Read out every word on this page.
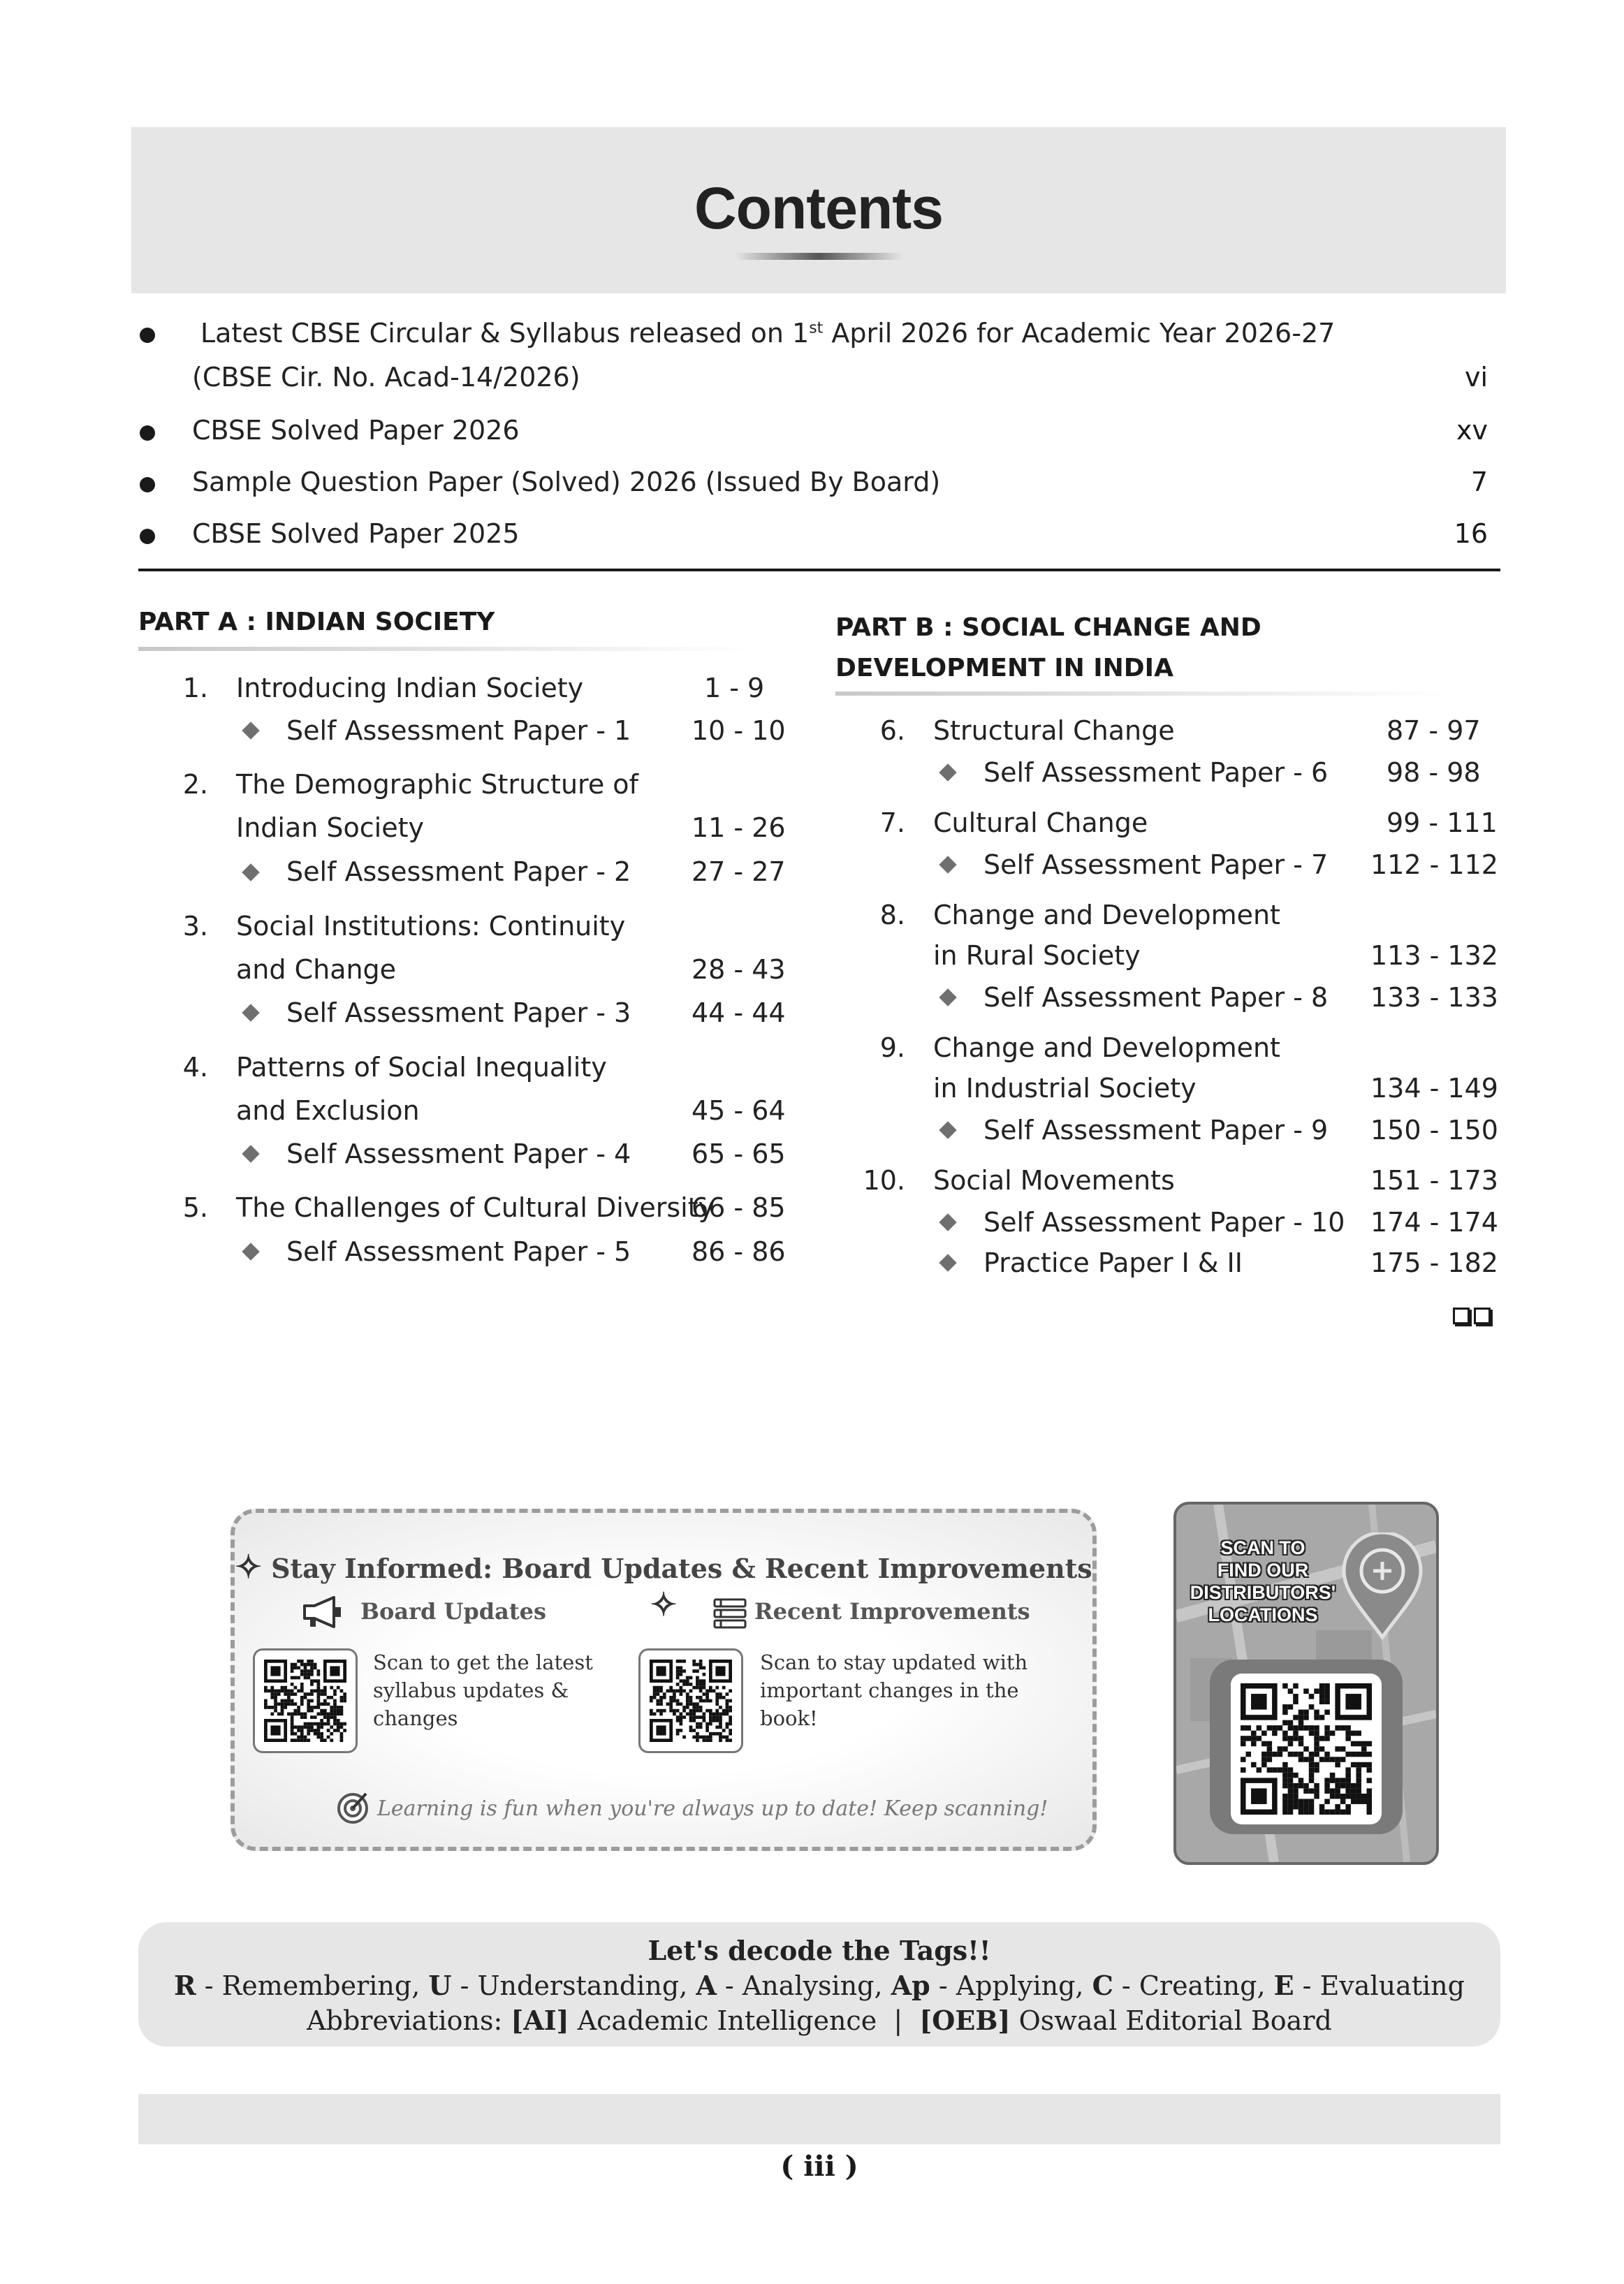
Contents
Latest CBSE Circular & Syllabus released on 1st April 2026 for Academic Year 2026-27
(CBSE Cir. No. Acad-14/2026)	vi
CBSE Solved Paper 2026	xv
Sample Question Paper (Solved) 2026 (Issued By Board)	7
CBSE Solved Paper 2025	16
PART A : INDIAN SOCIETY
1. Introducing Indian Society	1 - 9
Self Assessment Paper - 1 10 - 10
2. The Demographic Structure of
Indian Society	11 - 26
Self Assessment Paper - 2 27 - 27
3. Social Institutions: Continuity
and Change	28 - 43
Self Assessment Paper - 3 44 - 44
4. Patterns of Social Inequality
and Exclusion	45 - 64
Self Assessment Paper - 4 65 - 65
5. The Challenges of Cultural Diversity
66 - 85
Self Assessment Paper - 5 86 - 86
PART B : SOCIAL CHANGE AND
DEVELOPMENT IN INDIA
6. Structural Change	87 - 97
Self Assessment Paper - 6 98 - 98
7. Cultural Change	99 - 111
Self Assessment Paper - 7 112 - 112
8. Change and Development
in Rural Society	113 - 132
Self Assessment Paper - 8 133 - 133
9. Change and Development
in Industrial Society	134 - 149
Self Assessment Paper - 9 150 - 150
10. Social Movements	151 - 173
Self Assessment Paper - 10 174 - 174
Practice Paper I & II	175 - 182
✧ Stay Informed: Board Updates & Recent Improvements ✧
Board Updates
Scan to get the latest
syllabus updates &
changes
Recent Improvements
Scan to stay updated with
important changes in the
book!
Learning is fun when you're always up to date! Keep scanning!
SCAN TO
FIND OUR
DISTRIBUTORS'
LOCATIONS
Let's decode the Tags!!
R - Remembering, U - Understanding, A - Analysing, Ap - Applying, C - Creating, E - Evaluating
Abbreviations: [AI] Academic Intelligence  |  [OEB] Oswaal Editorial Board
( iii )
